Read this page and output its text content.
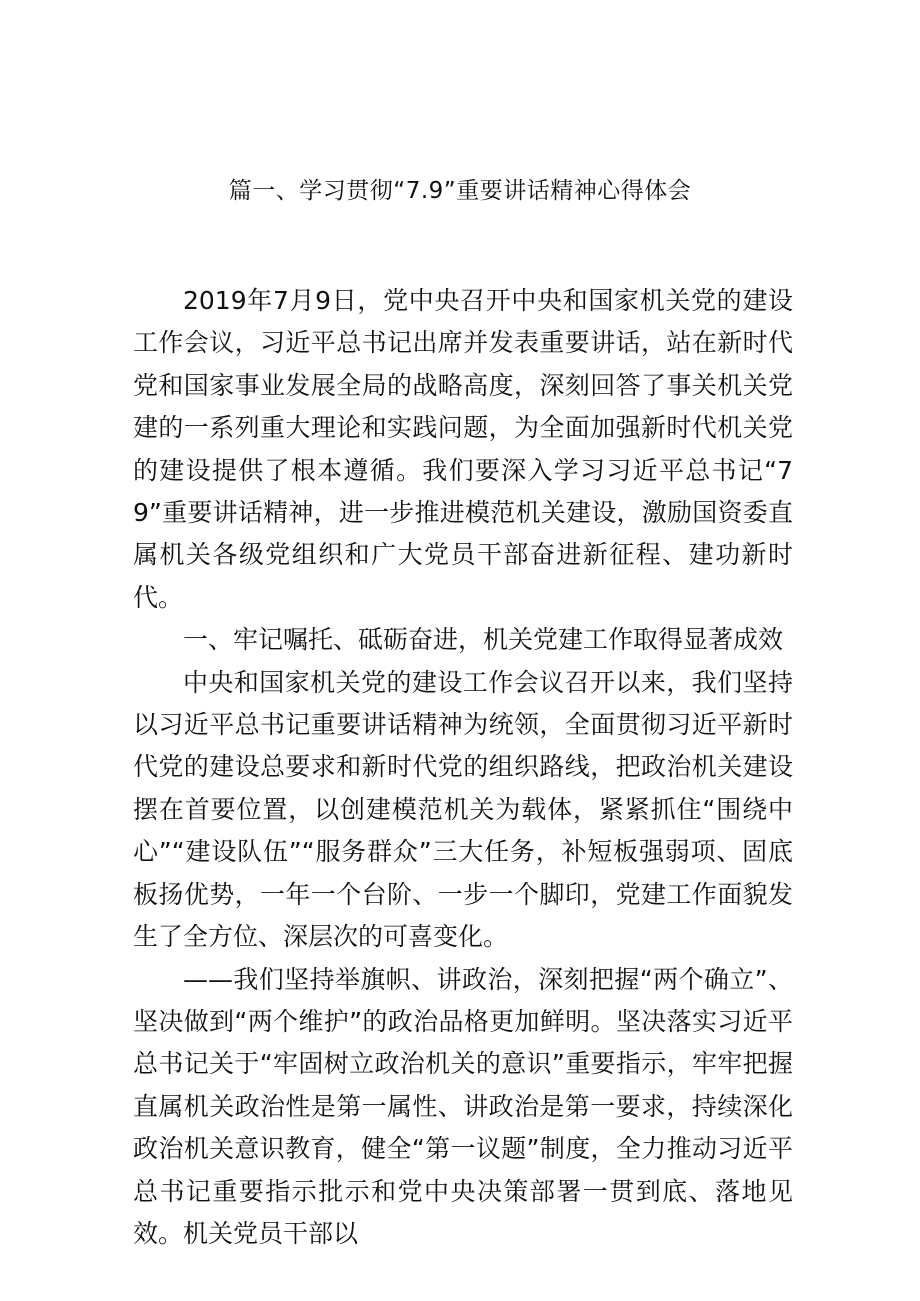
篇一、学习贯彻“7.9”重要讲话精神心得体会

2019年7月9日，党中央召开中央和国家机关党的建设工作会议，习近平总书记出席并发表重要讲话，站在新时代党和国家事业发展全局的战略高度，深刻回答了事关机关党建的一系列重大理论和实践问题，为全面加强新时代机关党的建设提供了根本遵循。我们要深入学习习近平总书记“79”重要讲话精神，进一步推进模范机关建设，激励国资委直属机关各级党组织和广大党员干部奋进新征程、建功新时代。

一、牢记嘱托、砥砺奋进，机关党建工作取得显著成效

中央和国家机关党的建设工作会议召开以来，我们坚持以习近平总书记重要讲话精神为统领，全面贯彻习近平新时代党的建设总要求和新时代党的组织路线，把政治机关建设摆在首要位置，以创建模范机关为载体，紧紧抓住“围绕中心”“建设队伍”“服务群众”三大任务，补短板强弱项、固底板扬优势，一年一个台阶、一步一个脚印，党建工作面貌发生了全方位、深层次的可喜变化。

——我们坚持举旗帜、讲政治，深刻把握“两个确立”、坚决做到“两个维护”的政治品格更加鲜明。坚决落实习近平总书记关于“牢固树立政治机关的意识”重要指示，牢牢把握直属机关政治性是第一属性、讲政治是第一要求，持续深化政治机关意识教育，健全“第一议题”制度，全力推动习近平总书记重要指示批示和党中央决策部署一贯到底、落地见效。机关党员干部以
